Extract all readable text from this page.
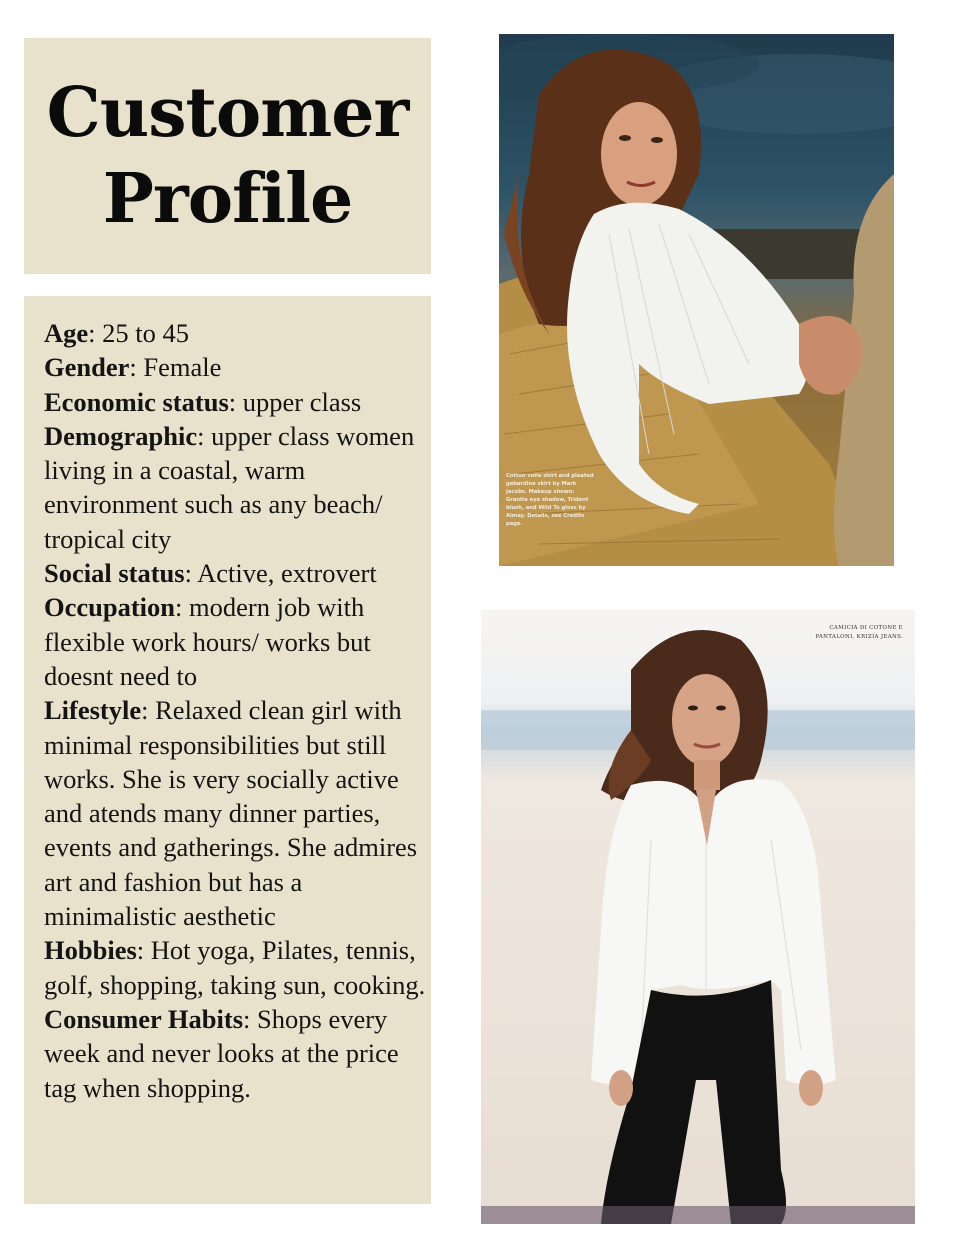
Customer
Profile

Age: 25 to 45

Gender: Female

Economic status: upper class

Demographic: upper class women living in a coastal, warm environment such as any beach/ tropical city

Social status: Active, extrovert

Occupation: modern job with flexible work hours/ works but doesnt need to

Lifestyle: Relaxed clean girl with minimal responsibilities but still works. She is very socially active and atends many dinner parties, events and gatherings. She admires art and fashion but has a minimalistic aesthetic

Hobbies: Hot yoga, Pilates, tennis, golf, shopping, taking sun, cooking.

Consumer Habits: Shops every week and never looks at the price tag when shopping.

Cotton voile shirt and pleated gabardine skirt by Mark Jacobs. Makeup shown: Granite eye shadow, Trident blush, and Wild To gloss by Almay. Details, see Credits page.
CAMICIA DI COTONE E PANTALONI, KRIZIA JEANS.
